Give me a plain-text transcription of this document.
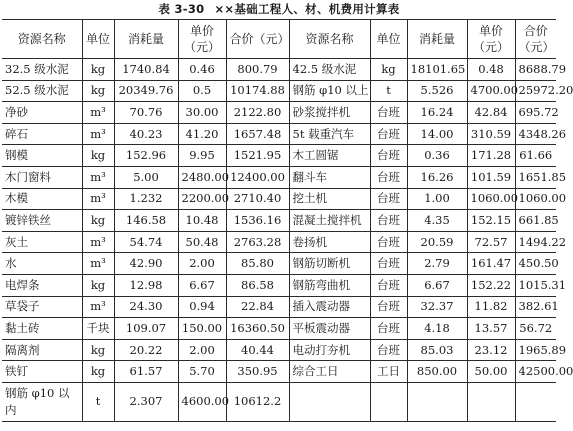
表 3-30 ××基础工程人、材、机费用计算表
资源名称	单位	消耗量	单价（元）	合价（元）	资源名称	单位	消耗量	单价（元）	合价（元）
32.5 级水泥	kg	1740.84	0.46	800.79	42.5 级水泥	kg	18101.65	0.48	8688.79
52.5 级水泥	kg	20349.76	0.5	10174.88	钢筋 φ10 以上	t	5.526	4700.00	25972.20
净砂	m³	70.76	30.00	2122.80	砂浆搅拌机	台班	16.24	42.84	695.72
碎石	m³	40.23	41.20	1657.48	5t 载重汽车	台班	14.00	310.59	4348.26
钢模	kg	152.96	9.95	1521.95	木工圆锯	台班	0.36	171.28	61.66
木门窗料	m³	5.00	2480.00	12400.00	翻斗车	台班	16.26	101.59	1651.85
木模	m³	1.232	2200.00	2710.40	挖土机	台班	1.00	1060.00	1060.00
镀锌铁丝	kg	146.58	10.48	1536.16	混凝土搅拌机	台班	4.35	152.15	661.85
灰土	m³	54.74	50.48	2763.28	卷扬机	台班	20.59	72.57	1494.22
水	m³	42.90	2.00	85.80	钢筋切断机	台班	2.79	161.47	450.50
电焊条	kg	12.98	6.67	86.58	钢筋弯曲机	台班	6.67	152.22	1015.31
草袋子	m³	24.30	0.94	22.84	插入震动器	台班	32.37	11.82	382.61
黏土砖	千块	109.07	150.00	16360.50	平板震动器	台班	4.18	13.57	56.72
隔离剂	kg	20.22	2.00	40.44	电动打夯机	台班	85.03	23.12	1965.89
铁钉	kg	61.57	5.70	350.95	综合工日	工日	850.00	50.00	42500.00
钢筋 φ10 以内	t	2.307	4600.00	10612.2					
